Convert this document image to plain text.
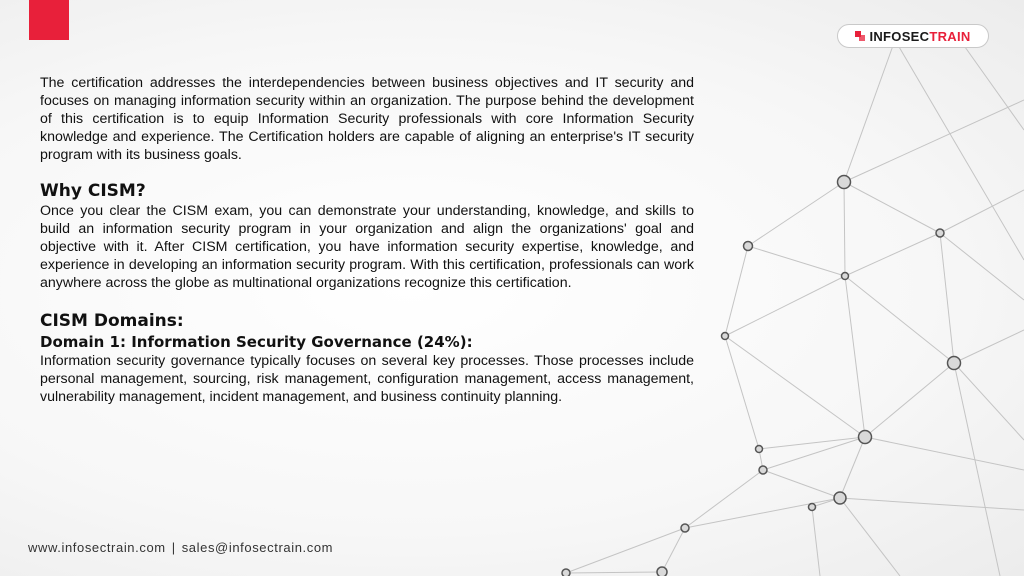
INFOSECTRAIN

The certification addresses the interdependencies between business objectives and IT security and focuses on managing information security within an organization. The purpose behind the development of this certification is to equip Information Security professionals with core Information Security knowledge and experience. The Certification holders are capable of aligning an enterprise's IT security program with its business goals.

Why CISM?

Once you clear the CISM exam, you can demonstrate your understanding, knowledge, and skills to build an information security program in your organization and align the organizations' goal and objective with it. After CISM certification, you have information security expertise, knowledge, and experience in developing an information security program. With this certification, professionals can work anywhere across the globe as multinational organizations recognize this certification.

CISM Domains:
Domain 1: Information Security Governance (24%):

Information security governance typically focuses on several key processes. Those processes include personal management, sourcing, risk management, configuration management, access management, vulnerability management, incident management, and business continuity planning.

www.infosectrain.com | sales@infosectrain.com
